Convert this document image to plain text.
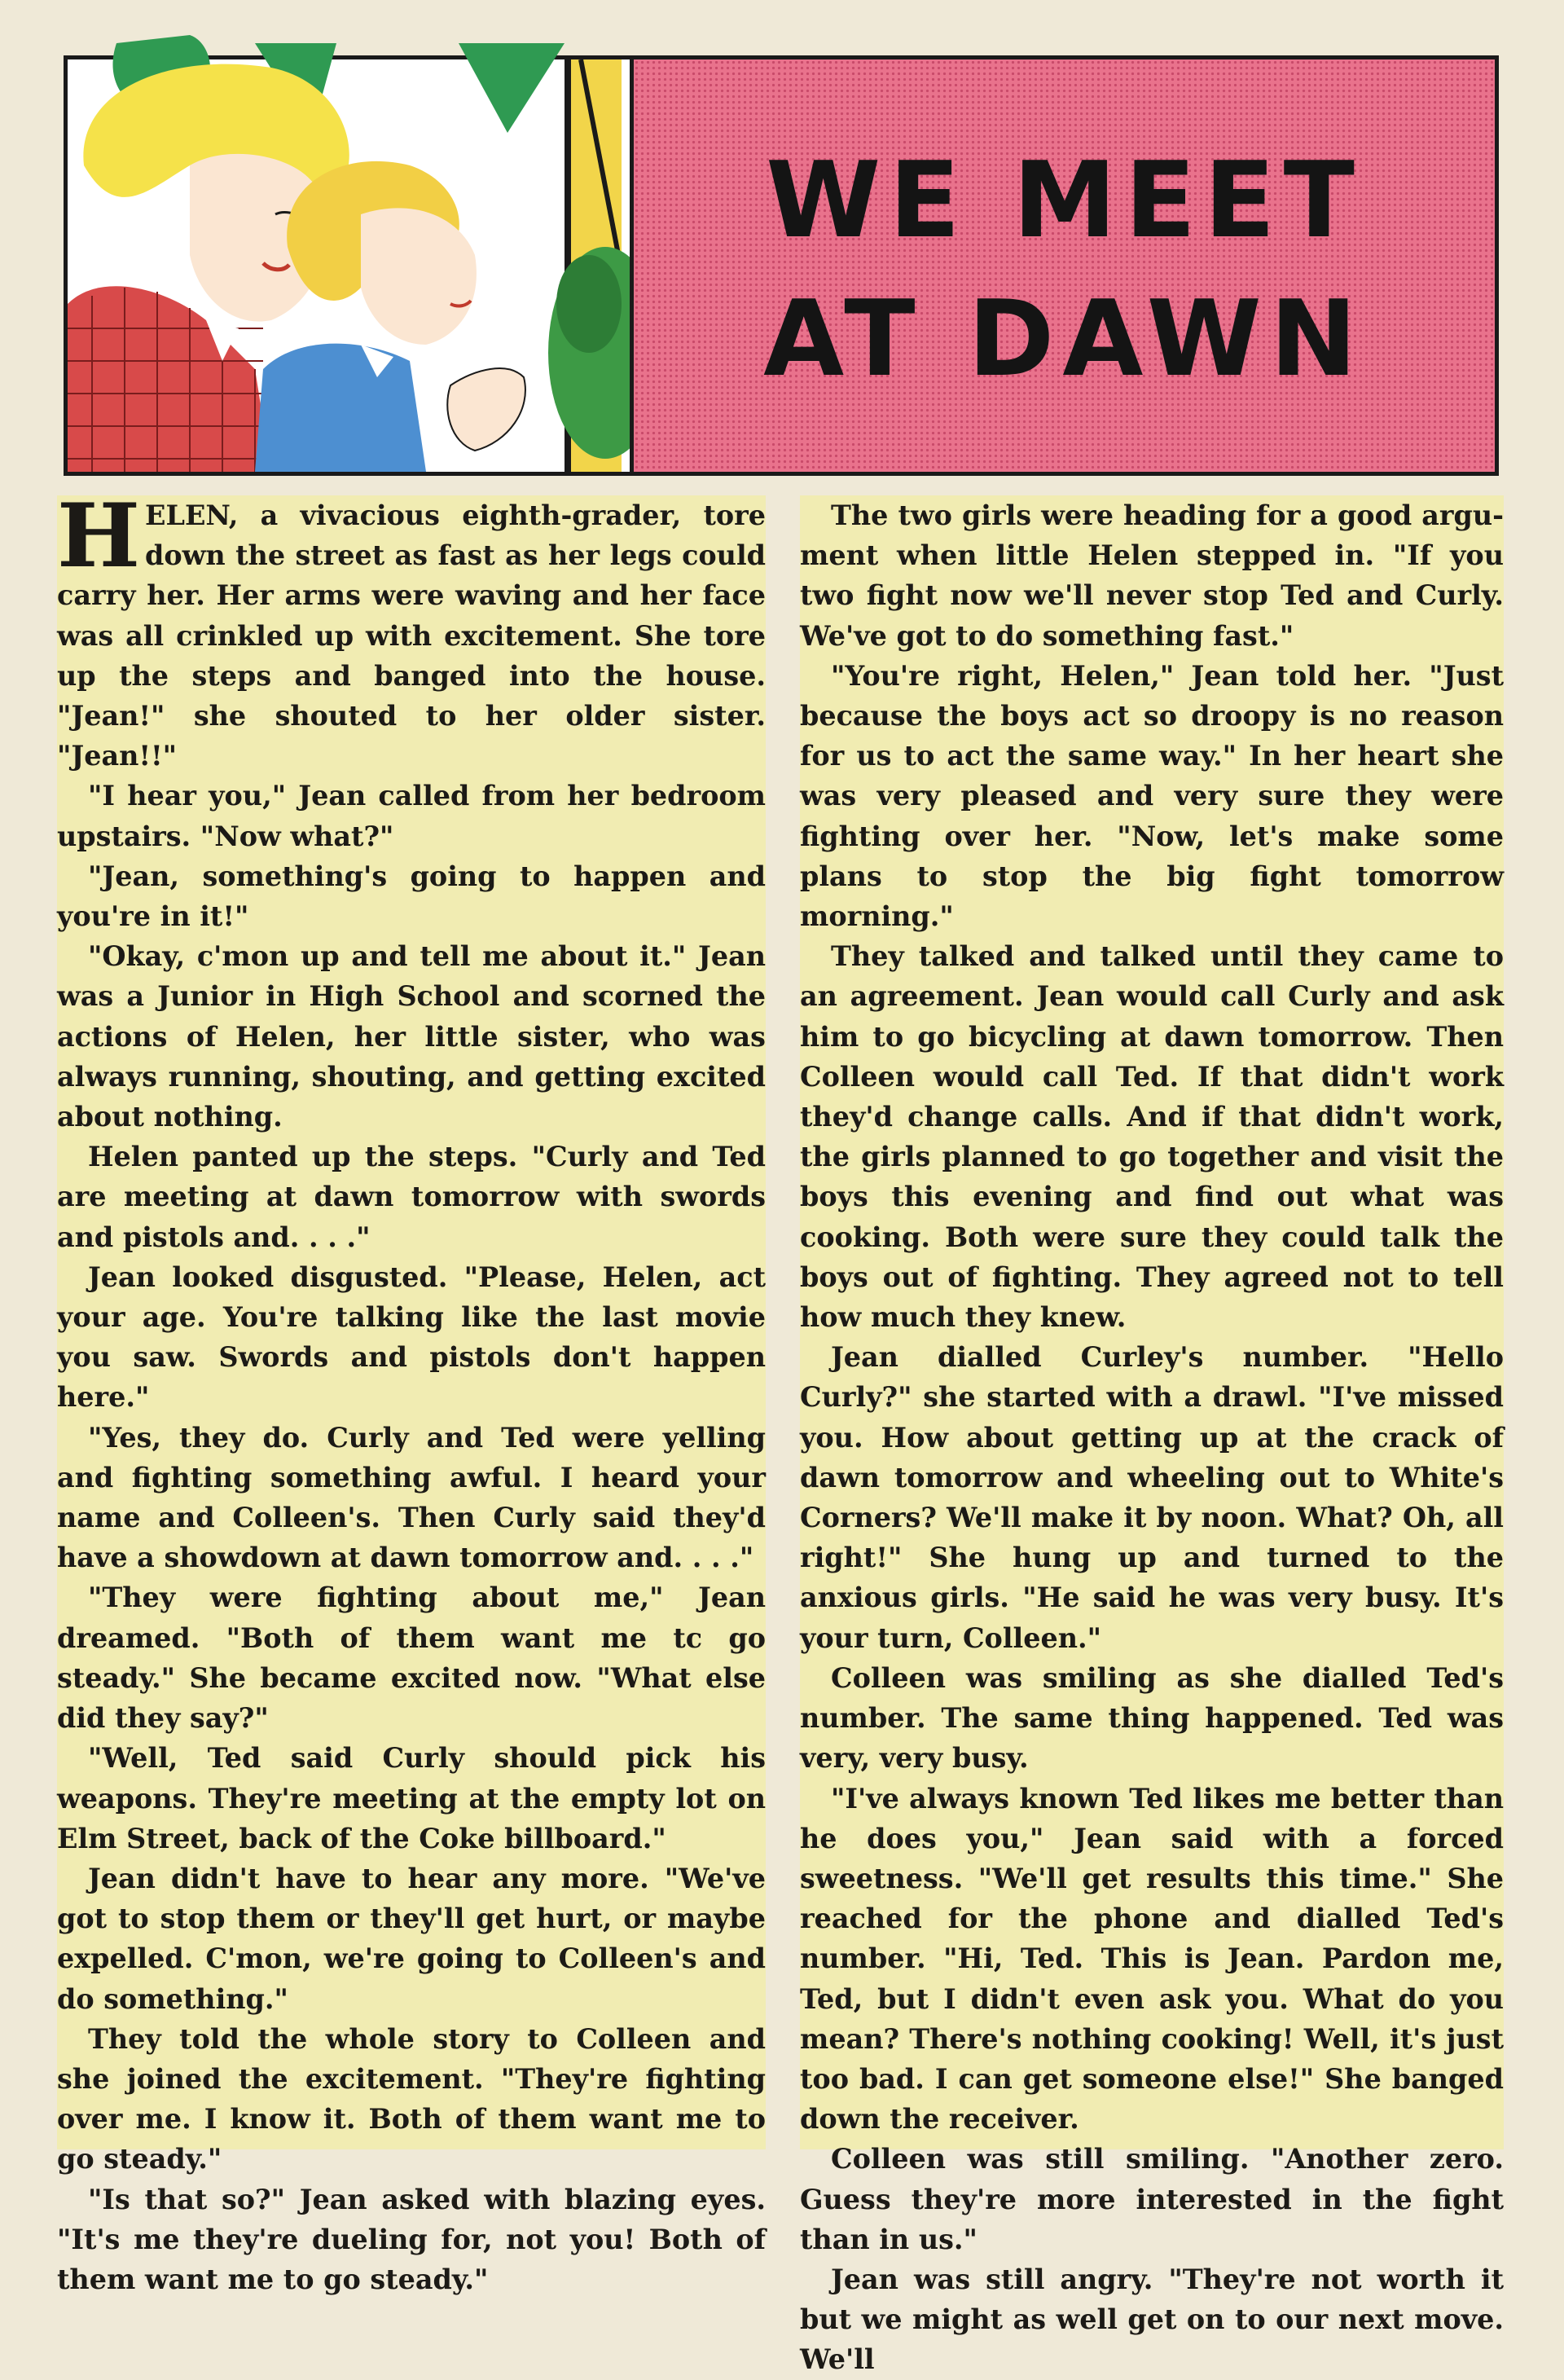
WE MEET
AT DAWN

HELEN, a vivacious eighth-grader, tore down the street as fast as her legs could carry her. Her arms were waving and her face was all crinkled up with excitement. She tore up the steps and banged into the house. "Jean!" she shouted to her older sister. "Jean!!"

"I hear you," Jean called from her bedroom upstairs. "Now what?"

"Jean, something's going to happen and you're in it!"

"Okay, c'mon up and tell me about it." Jean was a Junior in High School and scorned the actions of Helen, her little sister, who was always running, shouting, and getting excited about nothing.

Helen panted up the steps. "Curly and Ted are meeting at dawn tomorrow with swords and pistols and. . . ."

Jean looked disgusted. "Please, Helen, act your age. You're talking like the last movie you saw. Swords and pistols don't happen here."

"Yes, they do. Curly and Ted were yelling and fighting something awful. I heard your name and Colleen's. Then Curly said they'd have a showdown at dawn tomorrow and. . . ."

"They were fighting about me," Jean dreamed. "Both of them want me tc go steady." She became excited now. "What else did they say?"

"Well, Ted said Curly should pick his weapons. They're meeting at the empty lot on Elm Street, back of the Coke billboard."

Jean didn't have to hear any more. "We've got to stop them or they'll get hurt, or maybe expelled. C'mon, we're going to Colleen's and do something."

They told the whole story to Colleen and she joined the excitement. "They're fighting over me. I know it. Both of them want me to go steady."

"Is that so?" Jean asked with blazing eyes. "It's me they're dueling for, not you! Both of them want me to go steady."

The two girls were heading for a good argument when little Helen stepped in. "If you two fight now we'll never stop Ted and Curly. We've got to do something fast."

"You're right, Helen," Jean told her. "Just because the boys act so droopy is no reason for us to act the same way." In her heart she was very pleased and very sure they were fighting over her. "Now, let's make some plans to stop the big fight tomorrow morning."

They talked and talked until they came to an agreement. Jean would call Curly and ask him to go bicycling at dawn tomorrow. Then Colleen would call Ted. If that didn't work they'd change calls. And if that didn't work, the girls planned to go together and visit the boys this evening and find out what was cooking. Both were sure they could talk the boys out of fighting. They agreed not to tell how much they knew.

Jean dialled Curley's number. "Hello Curly?" she started with a drawl. "I've missed you. How about getting up at the crack of dawn tomorrow and wheeling out to White's Corners? We'll make it by noon. What? Oh, all right!" She hung up and turned to the anxious girls. "He said he was very busy. It's your turn, Colleen."

Colleen was smiling as she dialled Ted's number. The same thing happened. Ted was very, very busy.

"I've always known Ted likes me better than he does you," Jean said with a forced sweetness. "We'll get results this time." She reached for the phone and dialled Ted's number. "Hi, Ted. This is Jean. Pardon me, Ted, but I didn't even ask you. What do you mean? There's nothing cooking! Well, it's just too bad. I can get someone else!" She banged down the receiver.

Colleen was still smiling. "Another zero. Guess they're more interested in the fight than in us."

Jean was still angry. "They're not worth it but we might as well get on to our next move. We'll
